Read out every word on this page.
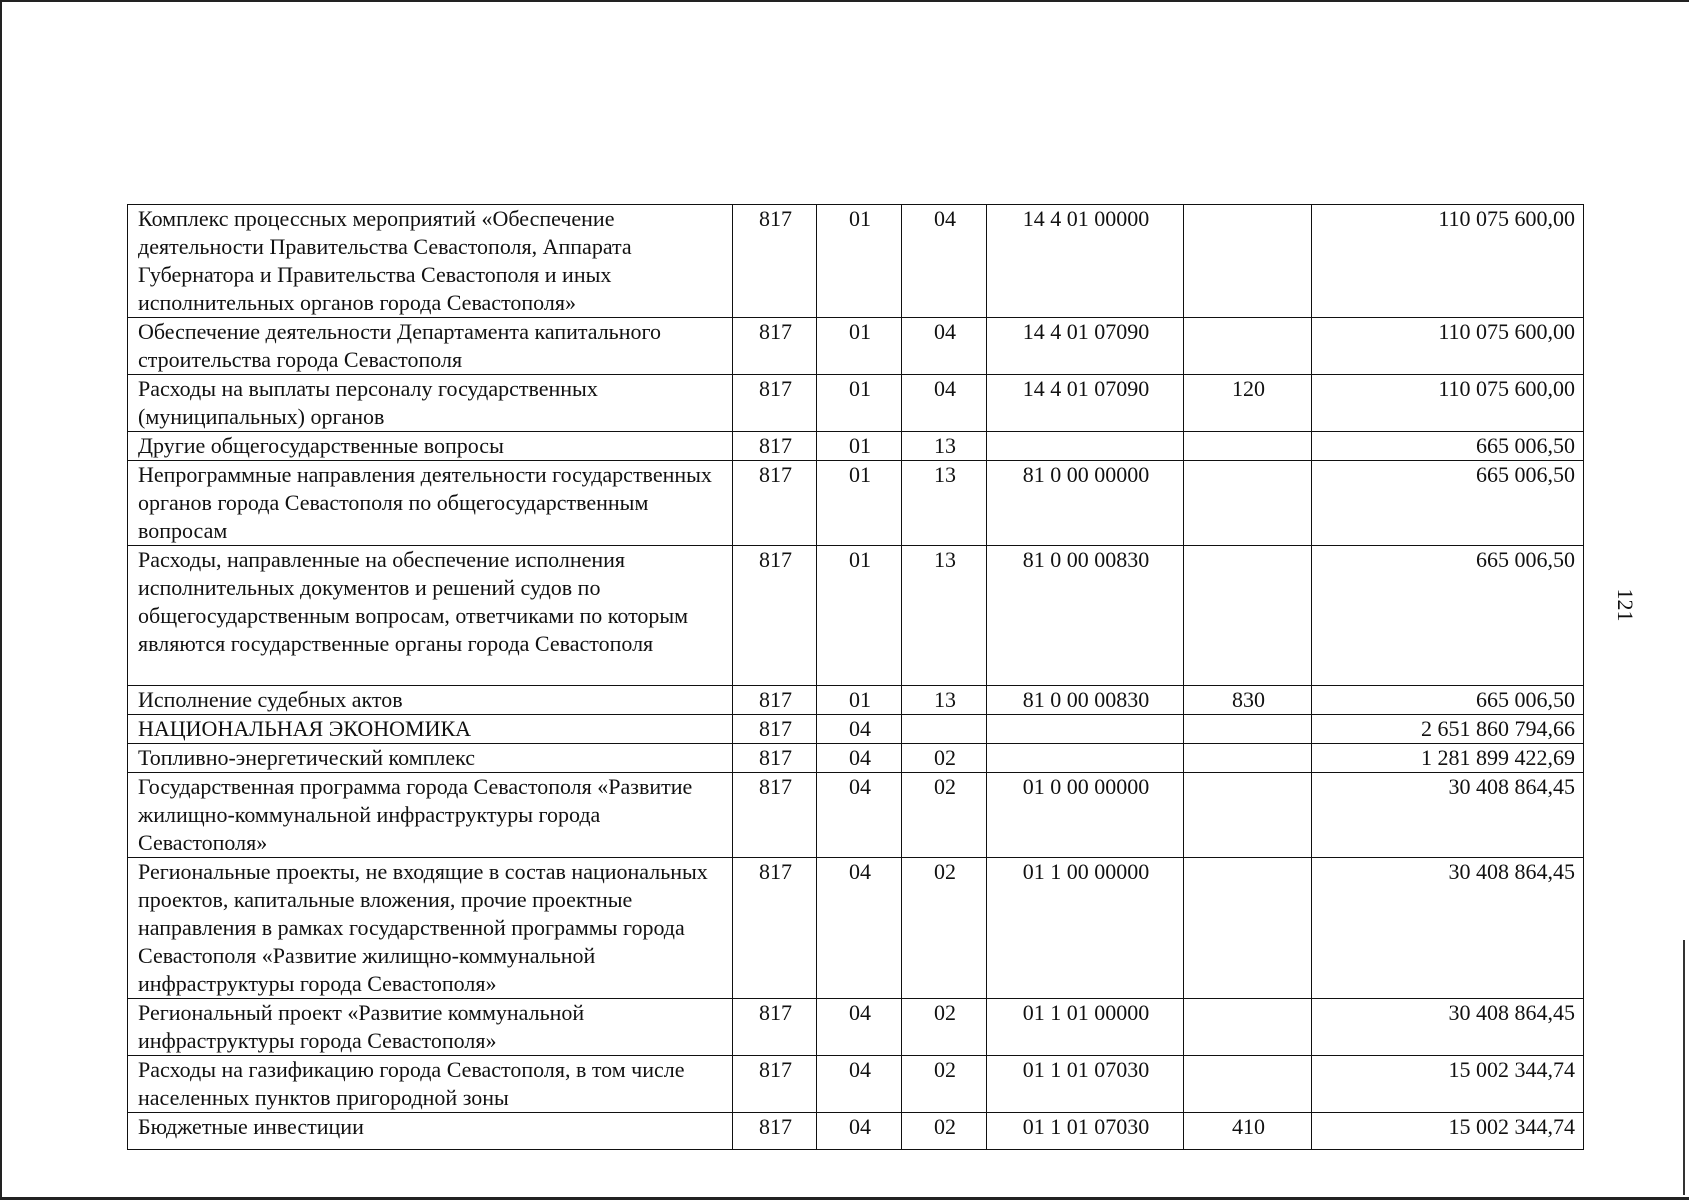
121
Комплекс процессных мероприятий «Обеспечение деятельности Правительства Севастополя, Аппарата Губернатора и Правительства Севастополя и иных исполнительных органов города Севастополя»	817	01	04	14 4 01 00000		110 075 600,00
Обеспечение деятельности Департамента капитального строительства города Севастополя	817	01	04	14 4 01 07090		110 075 600,00
Расходы на выплаты персоналу государственных (муниципальных) органов	817	01	04	14 4 01 07090	120	110 075 600,00
Другие общегосударственные вопросы	817	01	13			665 006,50
Непрограммные направления деятельности государственных органов города Севастополя по общегосударственным вопросам	817	01	13	81 0 00 00000		665 006,50
Расходы, направленные на обеспечение исполнения исполнительных документов и решений судов по общегосударственным вопросам, ответчиками по которым являются государственные органы города Севастополя	817	01	13	81 0 00 00830		665 006,50
Исполнение судебных актов	817	01	13	81 0 00 00830	830	665 006,50
НАЦИОНАЛЬНАЯ ЭКОНОМИКА	817	04				2 651 860 794,66
Топливно-энергетический комплекс	817	04	02			1 281 899 422,69
Государственная программа города Севастополя «Развитие жилищно-коммунальной инфраструктуры города Севастополя»	817	04	02	01 0 00 00000		30 408 864,45
Региональные проекты, не входящие в состав национальных проектов, капитальные вложения, прочие проектные направления в рамках государственной программы города Севастополя «Развитие жилищно-коммунальной инфраструктуры города Севастополя»	817	04	02	01 1 00 00000		30 408 864,45
Региональный проект «Развитие коммунальной инфраструктуры города Севастополя»	817	04	02	01 1 01 00000		30 408 864,45
Расходы на газификацию города Севастополя, в том числе населенных пунктов пригородной зоны	817	04	02	01 1 01 07030		15 002 344,74
Бюджетные инвестиции	817	04	02	01 1 01 07030	410	15 002 344,74
